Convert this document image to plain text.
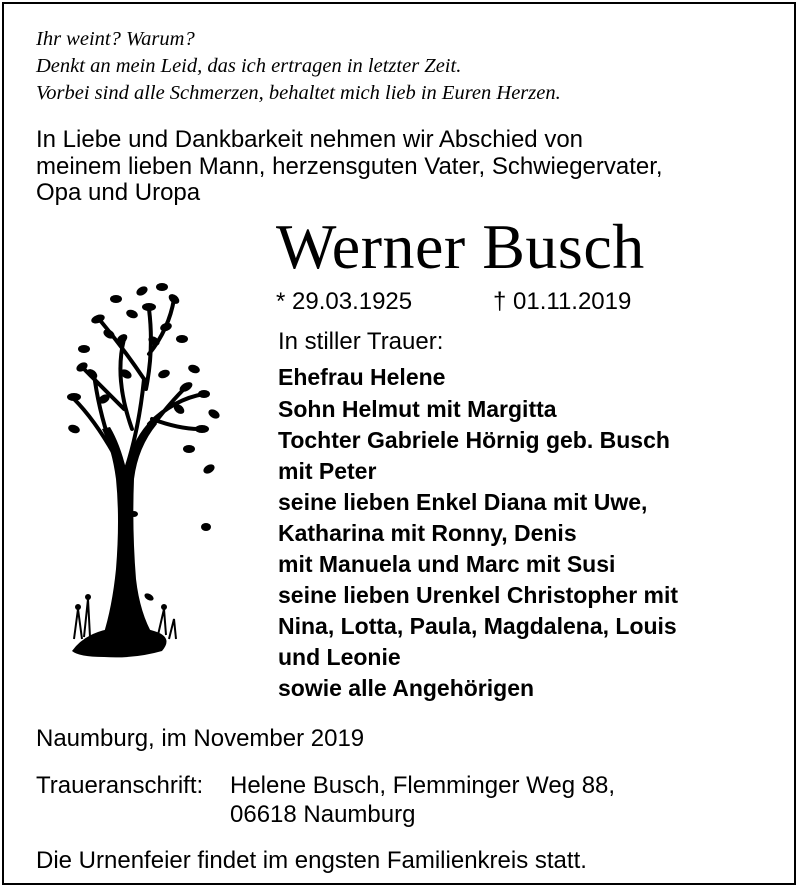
Ihr weint? Warum?
Denkt an mein Leid, das ich ertragen in letzter Zeit.
Vorbei sind alle Schmerzen, behaltet mich lieb in Euren Herzen.
In Liebe und Dankbarkeit nehmen wir Abschied von
meinem lieben Mann, herzensguten Vater, Schwiegervater,
Opa und Uropa
Werner Busch
* 29.03.1925	† 01.11.2019
In stiller Trauer:
Ehefrau Helene
Sohn Helmut mit Margitta
Tochter Gabriele Hörnig geb. Busch
mit Peter
seine lieben Enkel Diana mit Uwe,
Katharina mit Ronny, Denis
mit Manuela und Marc mit Susi
seine lieben Urenkel Christopher mit
Nina, Lotta, Paula, Magdalena, Louis
und Leonie
sowie alle Angehörigen
Naumburg, im November 2019
Traueranschrift: Helene Busch, Flemminger Weg 88,
06618 Naumburg
Die Urnenfeier findet im engsten Familienkreis statt.
